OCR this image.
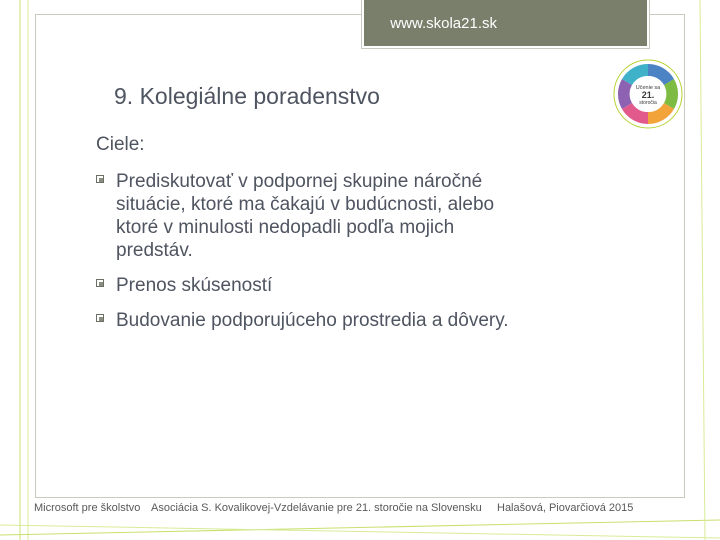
www.skola21.sk
Učenie sa
21.
storočia
9. Kolegiálne poradenstvo
Ciele:
Prediskutovať v podpornej skupine náročné situácie, ktoré ma čakajú v budúcnosti, alebo ktoré v minulosti nedopadli podľa mojich predstáv.
Prenos skúseností
Budovanie podporujúceho prostredia a dôvery.
Microsoft pre školstvo Asociácia S. Kovalikovej-Vzdelávanie pre 21. storočie na Slovensku Halašová, Piovarčiová 2015
